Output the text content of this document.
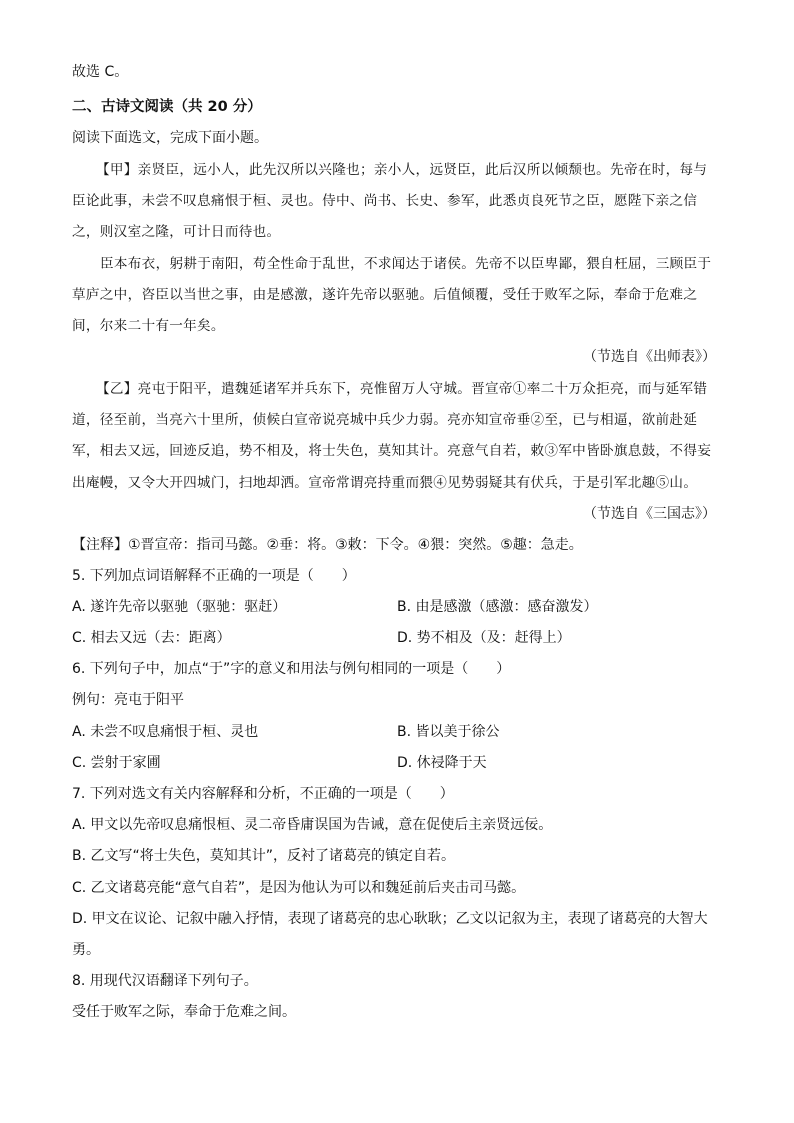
故选 C。
二、古诗文阅读（共 20 分）
阅读下面选文，完成下面小题。
【甲】亲贤臣，远小人，此先汉所以兴隆也；亲小人，远贤臣，此后汉所以倾颓也。先帝在时，每与
臣论此事，未尝不叹息痛恨于桓、灵也。侍中、尚书、长史、参军，此悉贞良死节之臣，愿陛下亲之信
之，则汉室之隆，可计日而待也。
臣本布衣，躬耕于南阳，苟全性命于乱世，不求闻达于诸侯。先帝不以臣卑鄙，猥自枉屈，三顾臣于
草庐之中，咨臣以当世之事，由是感激，遂许先帝以驱驰。后值倾覆，受任于败军之际，奉命于危难之
间，尔来二十有一年矣。
（节选自《出师表》）
【乙】亮屯于阳平，遣魏延诸军并兵东下，亮惟留万人守城。晋宣帝①率二十万众拒亮，而与延军错
道，径至前，当亮六十里所，侦候白宣帝说亮城中兵少力弱。亮亦知宣帝垂②至，已与相逼，欲前赴延
军，相去又远，回迹反追，势不相及，将士失色，莫知其计。亮意气自若，敕③军中皆卧旗息鼓，不得妄
出庵幔，又令大开四城门，扫地却洒。宣帝常谓亮持重而猥④见势弱疑其有伏兵，于是引军北趣⑤山。
（节选自《三国志》）
【注释】①晋宣帝：指司马懿。②垂：将。③敕：下令。④猥：突然。⑤趣：急走。
5. 下列加点词语解释不正确的一项是（　　）
A. 遂许先帝以驱驰（驱驰：驱赶）	B. 由是感激（感激：感奋激发）
C. 相去又远（去：距离）	D. 势不相及（及：赶得上）
6. 下列句子中，加点“于”字的意义和用法与例句相同的一项是（　　）
例句：亮屯于阳平
A. 未尝不叹息痛恨于桓、灵也	B. 皆以美于徐公
C. 尝射于家圃	D. 休祲降于天
7. 下列对选文有关内容解释和分析，不正确的一项是（　　）
A. 甲文以先帝叹息痛恨桓、灵二帝昏庸误国为告诫，意在促使后主亲贤远佞。
B. 乙文写“将士失色，莫知其计”，反衬了诸葛亮的镇定自若。
C. 乙文诸葛亮能“意气自若”，是因为他认为可以和魏延前后夹击司马懿。
D. 甲文在议论、记叙中融入抒情，表现了诸葛亮的忠心耿耿；乙文以记叙为主，表现了诸葛亮的大智大
勇。
8. 用现代汉语翻译下列句子。
受任于败军之际，奉命于危难之间。
